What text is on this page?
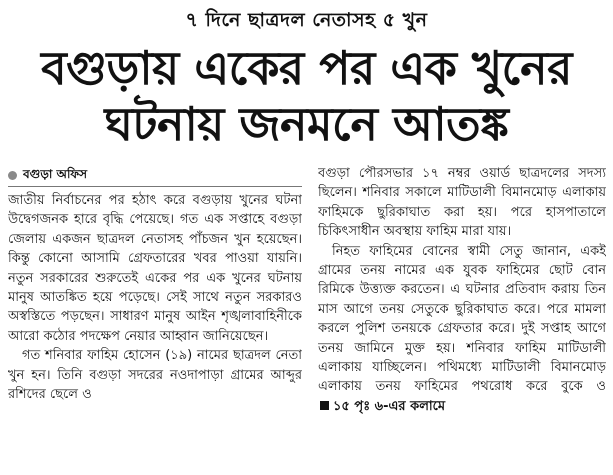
৭ দিনে ছাত্রদল নেতাসহ ৫ খুন
বগুড়ায় একের পর এক খুনের
ঘটনায় জনমনে আতঙ্ক
বগুড়া অফিস

জাতীয় নির্বাচনের পর হঠাৎ করে বগুড়ায় খুনের ঘটনা উদ্বেগজনক হারে বৃদ্ধি পেয়েছে। গত এক সপ্তাহে বগুড়া জেলায় একজন ছাত্রদল নেতাসহ পাঁচজন খুন হয়েছেন। কিন্তু কোনো আসামি গ্রেফতারের খবর পাওয়া যায়নি। নতুন সরকারের শুরুতেই একের পর এক খুনের ঘটনায় মানুষ আতঙ্কিত হয়ে পড়েছে। সেই সাথে নতুন সরকারও অস্বস্তিতে পড়ছেন। সাধারণ মানুষ আইন শৃঙ্খলাবাহিনীকে আরো কঠোর পদক্ষেপ নেয়ার আহ্বান জানিয়েছেন।

গত শনিবার ফাহিম হোসেন (১৯) নামের ছাত্রদল নেতা খুন হন। তিনি বগুড়া সদরের নওদাপাড়া গ্রামের আব্দুর রশিদের ছেলে ও

বগুড়া পৌরসভার ১৭ নম্বর ওয়ার্ড ছাত্রদলের সদস্য ছিলেন। শনিবার সকালে মাটিডালী বিমানমোড় এলাকায় ফাহিমকে ছুরিকাঘাত করা হয়। পরে হাসপাতালে চিকিৎসাধীন অবস্থায় ফাহিম মারা যায়।

নিহত ফাহিমের বোনের স্বামী সেতু জানান, একই গ্রামের তনয় নামের এক যুবক ফাহিমের ছোট বোন রিমিকে উত্ত্যক্ত করতেন। এ ঘটনার প্রতিবাদ করায় তিন মাস আগে তনয় সেতুকে ছুরিকাঘাত করে। পরে মামলা করলে পুলিশ তনয়কে গ্রেফতার করে। দুই সপ্তাহ আগে তনয় জামিনে মুক্ত হয়। শনিবার ফাহিম মাটিডালী এলাকায় যাচ্ছিলেন। পথিমধ্যে মাটিডালী বিমানমোড় এলাকায় তনয় ফাহিমের পথরোধ করে বুকে ও ১৫ পৃঃ ৬-এর কলামে
